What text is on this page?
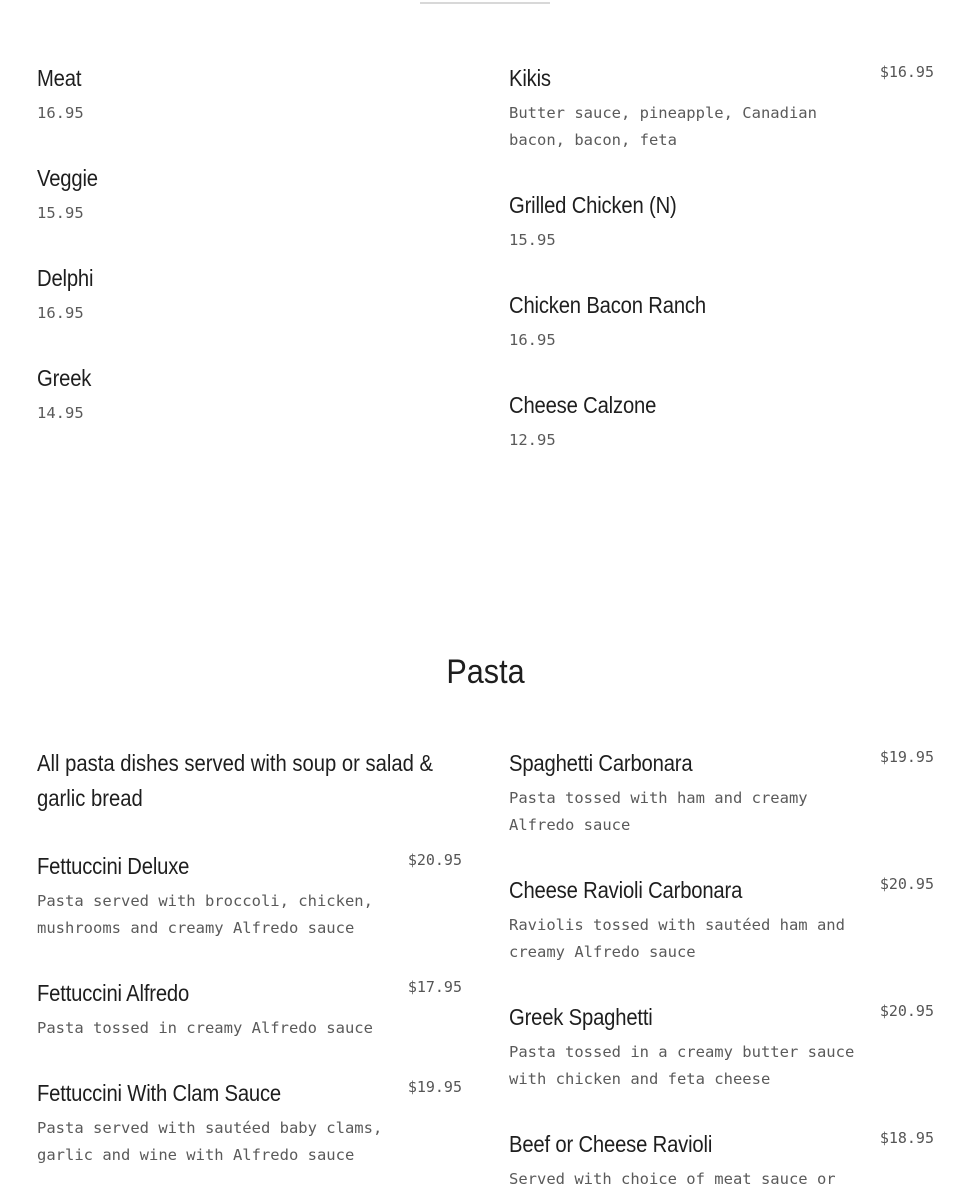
Meat
16.95
Veggie
15.95
Delphi
16.95
Greek
14.95
Kikis	$16.95
Butter sauce, pineapple, Canadian bacon, bacon, feta
Grilled Chicken (N)
15.95
Chicken Bacon Ranch
16.95
Cheese Calzone
12.95
Pasta
All pasta dishes served with soup or salad & garlic bread
Fettuccini Deluxe	$20.95
Pasta served with broccoli, chicken, mushrooms and creamy Alfredo sauce
Fettuccini Alfredo	$17.95
Pasta tossed in creamy Alfredo sauce
Fettuccini With Clam Sauce	$19.95
Pasta served with sautéed baby clams, garlic and wine with Alfredo sauce
Spaghetti Carbonara	$19.95
Pasta tossed with ham and creamy Alfredo sauce
Cheese Ravioli Carbonara	$20.95
Raviolis tossed with sautéed ham and creamy Alfredo sauce
Greek Spaghetti	$20.95
Pasta tossed in a creamy butter sauce with chicken and feta cheese
Beef or Cheese Ravioli	$18.95
Served with choice of meat sauce or
